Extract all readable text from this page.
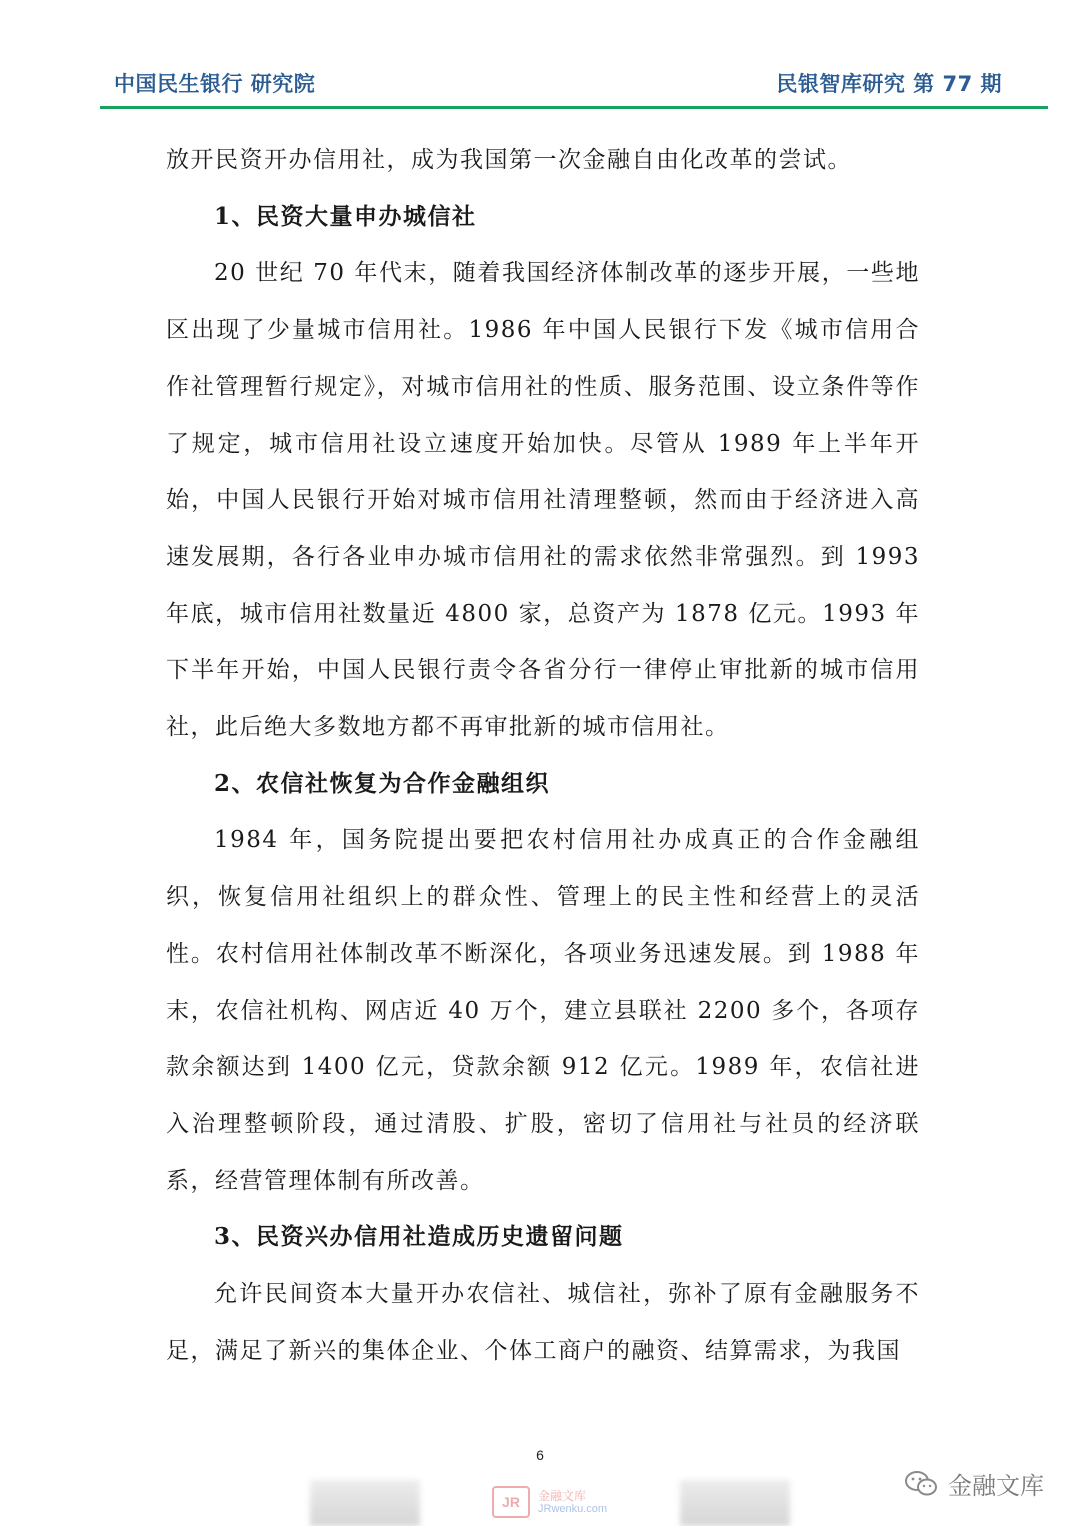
中国民生银行 研究院	民银智库研究 第 77 期

放开民资开办信用社，成为我国第一次金融自由化改革的尝试。

1、民资大量申办城信社

20 世纪 70 年代末，随着我国经济体制改革的逐步开展，一些地区出现了少量城市信用社。1986 年中国人民银行下发《城市信用合作社管理暂行规定》，对城市信用社的性质、服务范围、设立条件等作了规定，城市信用社设立速度开始加快。尽管从 1989 年上半年开始，中国人民银行开始对城市信用社清理整顿，然而由于经济进入高速发展期，各行各业申办城市信用社的需求依然非常强烈。到 1993 年底，城市信用社数量近 4800 家，总资产为 1878 亿元。1993 年下半年开始，中国人民银行责令各省分行一律停止审批新的城市信用社，此后绝大多数地方都不再审批新的城市信用社。

2、农信社恢复为合作金融组织

1984 年，国务院提出要把农村信用社办成真正的合作金融组织，恢复信用社组织上的群众性、管理上的民主性和经营上的灵活性。农村信用社体制改革不断深化，各项业务迅速发展。到 1988 年末，农信社机构、网店近 40 万个，建立县联社 2200 多个，各项存款余额达到 1400 亿元，贷款余额 912 亿元。1989 年，农信社进入治理整顿阶段，通过清股、扩股，密切了信用社与社员的经济联系，经营管理体制有所改善。

3、民资兴办信用社造成历史遗留问题

允许民间资本大量开办农信社、城信社，弥补了原有金融服务不足，满足了新兴的集体企业、个体工商户的融资、结算需求，为我国

6
JR	金融文库
JRwenku.com
金融文库
